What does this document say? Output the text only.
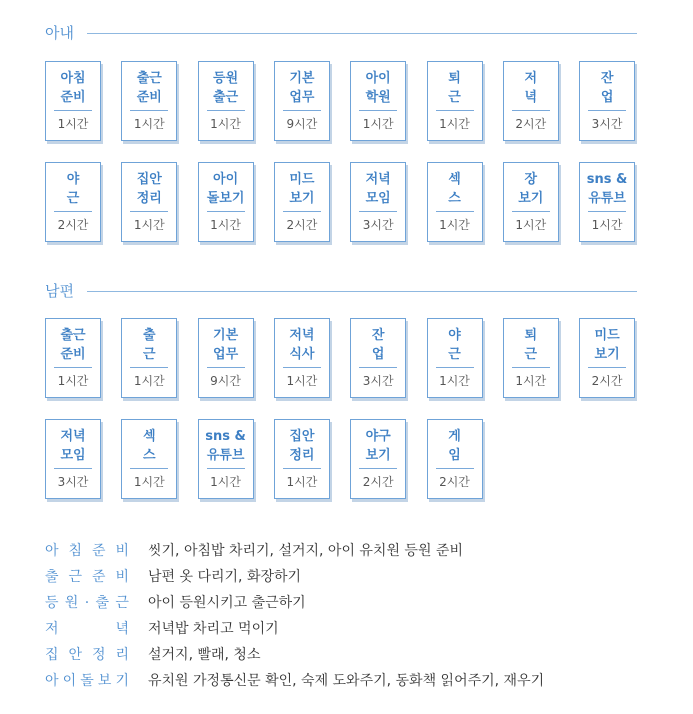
아내
아침
준비
1시간
출근
준비
1시간
등원
출근
1시간
기본
업무
9시간
아이
학원
1시간
퇴
근
1시간
저
녁
2시간
잔
업
3시간
야
근
2시간
집안
정리
1시간
아이
돌보기
1시간
미드
보기
2시간
저녁
모임
3시간
섹
스
1시간
장
보기
1시간
sns &
유튜브
1시간
남편
출근
준비
1시간
출
근
1시간
기본
업무
9시간
저녁
식사
1시간
잔
업
3시간
야
근
1시간
퇴
근
1시간
미드
보기
2시간
저녁
모임
3시간
섹
스
1시간
sns &
유튜브
1시간
집안
정리
1시간
야구
보기
2시간
게
임
2시간
아 침 준 비 씻기, 아침밥 차리기, 설거지, 아이 유치원 등원 준비
출 근 준 비 남편 옷 다리기, 화장하기
등 원 · 출 근 아이 등원시키고 출근하기
저	녁 저녁밥 차리고 먹이기
집 안 정 리 설거지, 빨래, 청소
아 이 돌 보 기 유치원 가정통신문 확인, 숙제 도와주기, 동화책 읽어주기, 재우기
